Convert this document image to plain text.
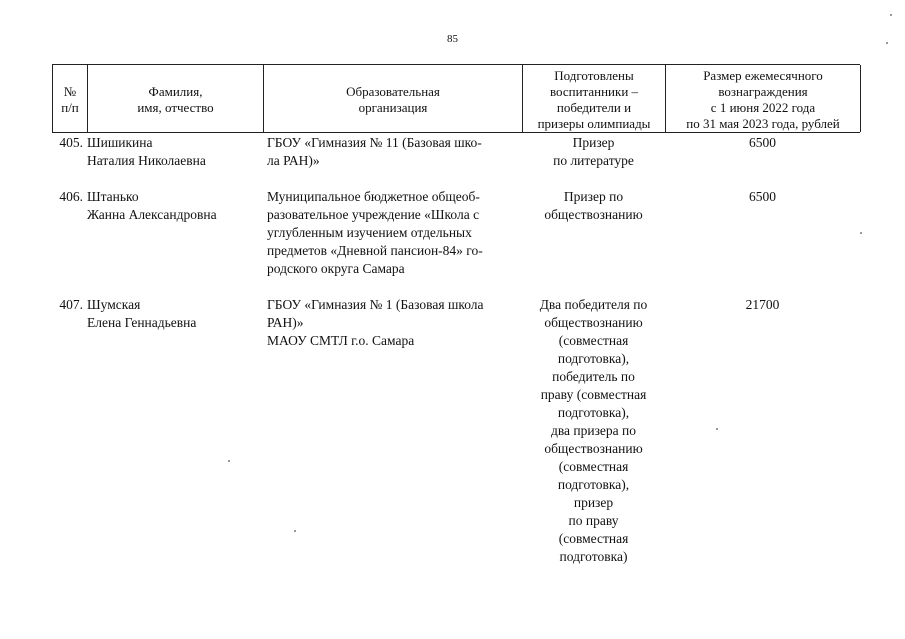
85
№
п/п
Фамилия,
имя, отчество
Образовательная
организация
Подготовлены
воспитанники –
победители и
призеры олимпиады
Размер ежемесячного
вознаграждения
с 1 июня 2022 года
по 31 мая 2023 года, рублей
405. Шишикина
Наталия Николаевна
ГБОУ «Гимназия № 11 (Базовая шко-
ла РАН)»
Призер
по литературе
6500
406. Штанько
Жанна Александровна
Муниципальное бюджетное общеоб-
разовательное учреждение «Школа с
углубленным изучением отдельных
предметов «Дневной пансион-84» го-
родского округа Самара
Призер по
обществознанию
6500
407. Шумская
Елена Геннадьевна
ГБОУ «Гимназия № 1 (Базовая школа
РАН)»
МАОУ СМТЛ г.о. Самара
Два победителя по
обществознанию
(совместная
подготовка),
победитель по
праву (совместная
подготовка),
два призера по
обществознанию
(совместная
подготовка),
призер
по праву
(совместная
подготовка)
21700
